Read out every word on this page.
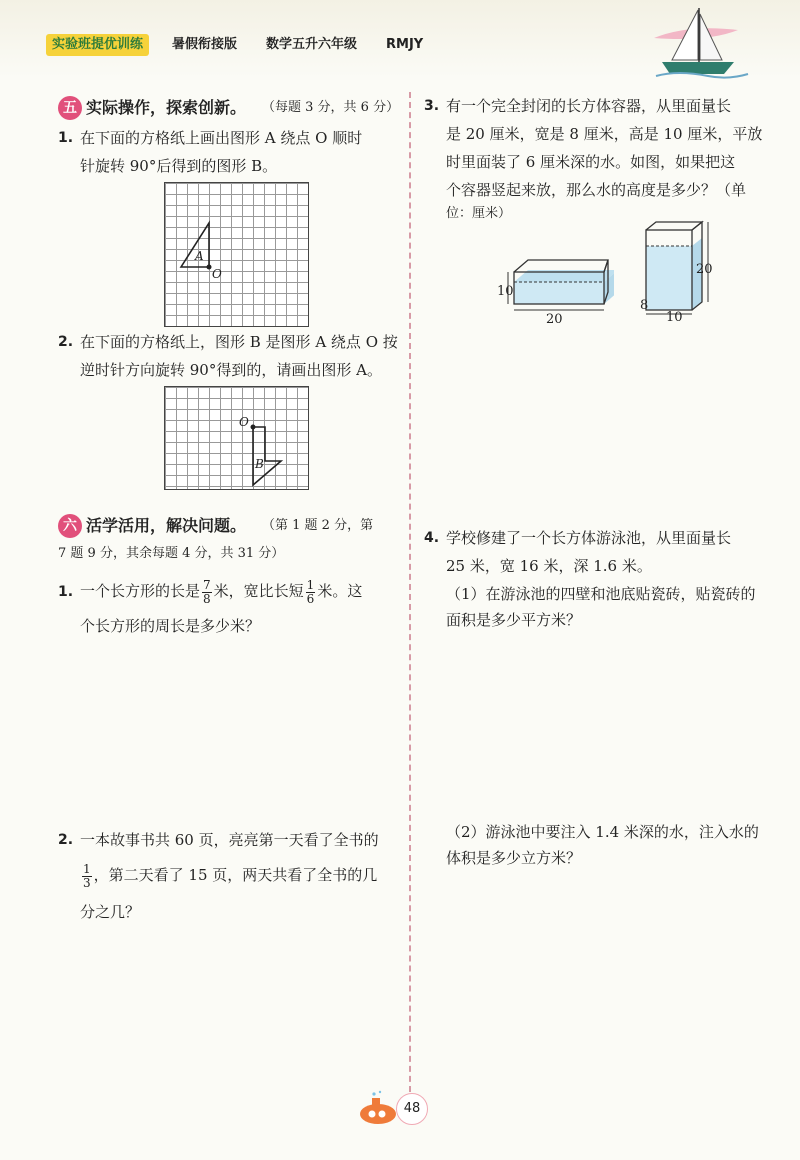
实验班提优训练	暑假衔接版 数学五升六年级 RMJY
五 实际操作，探索创新。 （每题 3 分，共 6 分）
1. 在下面的方格纸上画出图形 A 绕点 O 顺时
针旋转 90°后得到的图形 B。
A
O
2. 在下面的方格纸上，图形 B 是图形 A 绕点 O 按
逆时针方向旋转 90°得到的，请画出图形 A。
O
B
六 活学活用，解决问题。 （第 1 题 2 分，第
7 题 9 分，其余每题 4 分，共 31 分）
1. 一个长方形的长是 $\frac{7}{8}$ 米，宽比长短 $\frac{1}{6}$ 米。这
个长方形的周长是多少米？
2. 一本故事书共 60 页，亮亮第一天看了全书的
$\frac{1}{3}$ ，第二天看了 15 页，两天共看了全书的几
分之几？
3. 有一个完全封闭的长方体容器，从里面量长
是 20 厘米，宽是 8 厘米，高是 10 厘米，平放
时里面装了 6 厘米深的水。如图，如果把这
个容器竖起来放，那么水的高度是多少？（单
位：厘米）
10
20
20
8
10
4. 学校修建了一个长方体游泳池，从里面量长
25 米，宽 16 米，深 1.6 米。
（1）在游泳池的四壁和池底贴瓷砖，贴瓷砖的
面积是多少平方米？
（2）游泳池中要注入 1.4 米深的水，注入水的
体积是多少立方米？
48
